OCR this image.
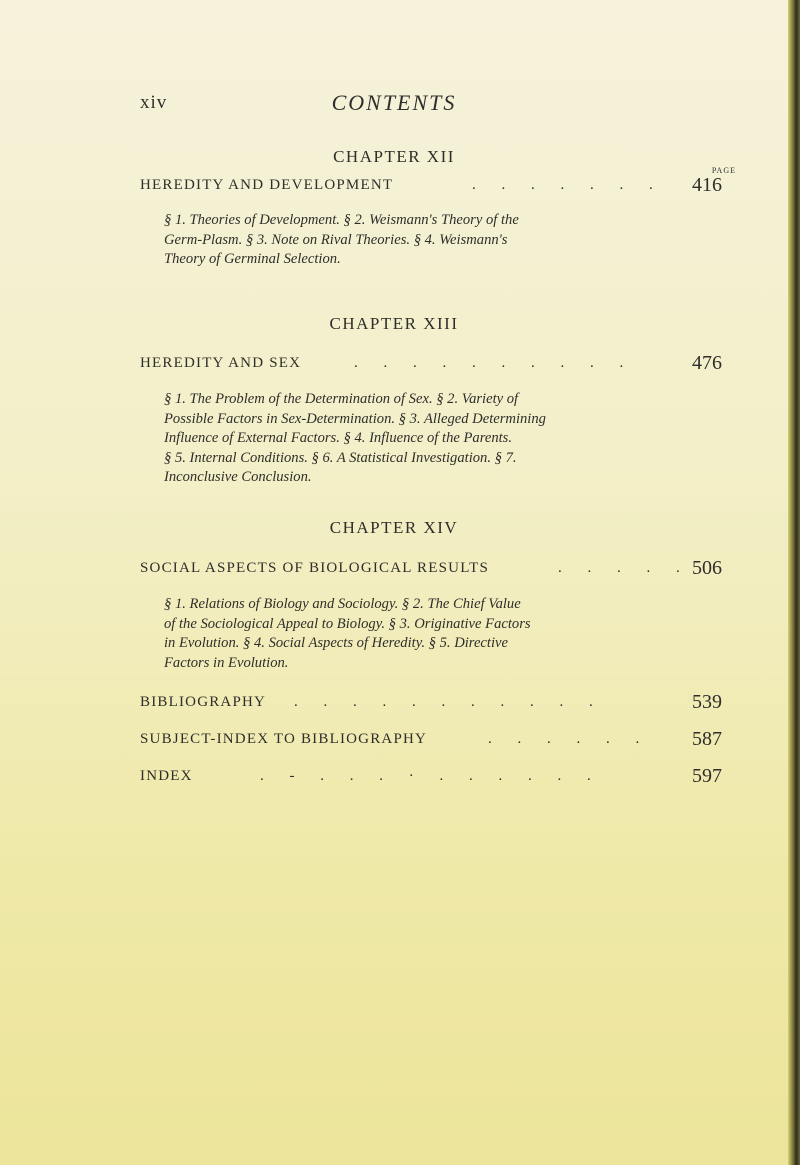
xiv	CONTENTS
CHAPTER XII
PAGE
HEREDITY AND DEVELOPMENT	. . . . . . . 416

§ 1. Theories of Development. § 2. Weismann's Theory of the

Germ-Plasm. § 3. Note on Rival Theories. § 4. Weismann's

Theory of Germinal Selection.

CHAPTER XIII
HEREDITY AND SEX	. . . . . . . . . .	476

§ 1. The Problem of the Determination of Sex. § 2. Variety of

Possible Factors in Sex-Determination. § 3. Alleged Determining

Influence of External Factors. § 4. Influence of the Parents.

§ 5. Internal Conditions. § 6. A Statistical Investigation. § 7.

Inconclusive Conclusion.

CHAPTER XIV
SOCIAL ASPECTS OF BIOLOGICAL RESULTS	. . . . . 506

§ 1. Relations of Biology and Sociology. § 2. The Chief Value

of the Sociological Appeal to Biology. § 3. Originative Factors

in Evolution. § 4. Social Aspects of Heredity. § 5. Directive

Factors in Evolution.

BIBLIOGRAPHY . . . . . . . . . . .	539
SUBJECT-INDEX TO BIBLIOGRAPHY	. . . . . . 587
INDEX	. - . . . · . . . . . .	597
